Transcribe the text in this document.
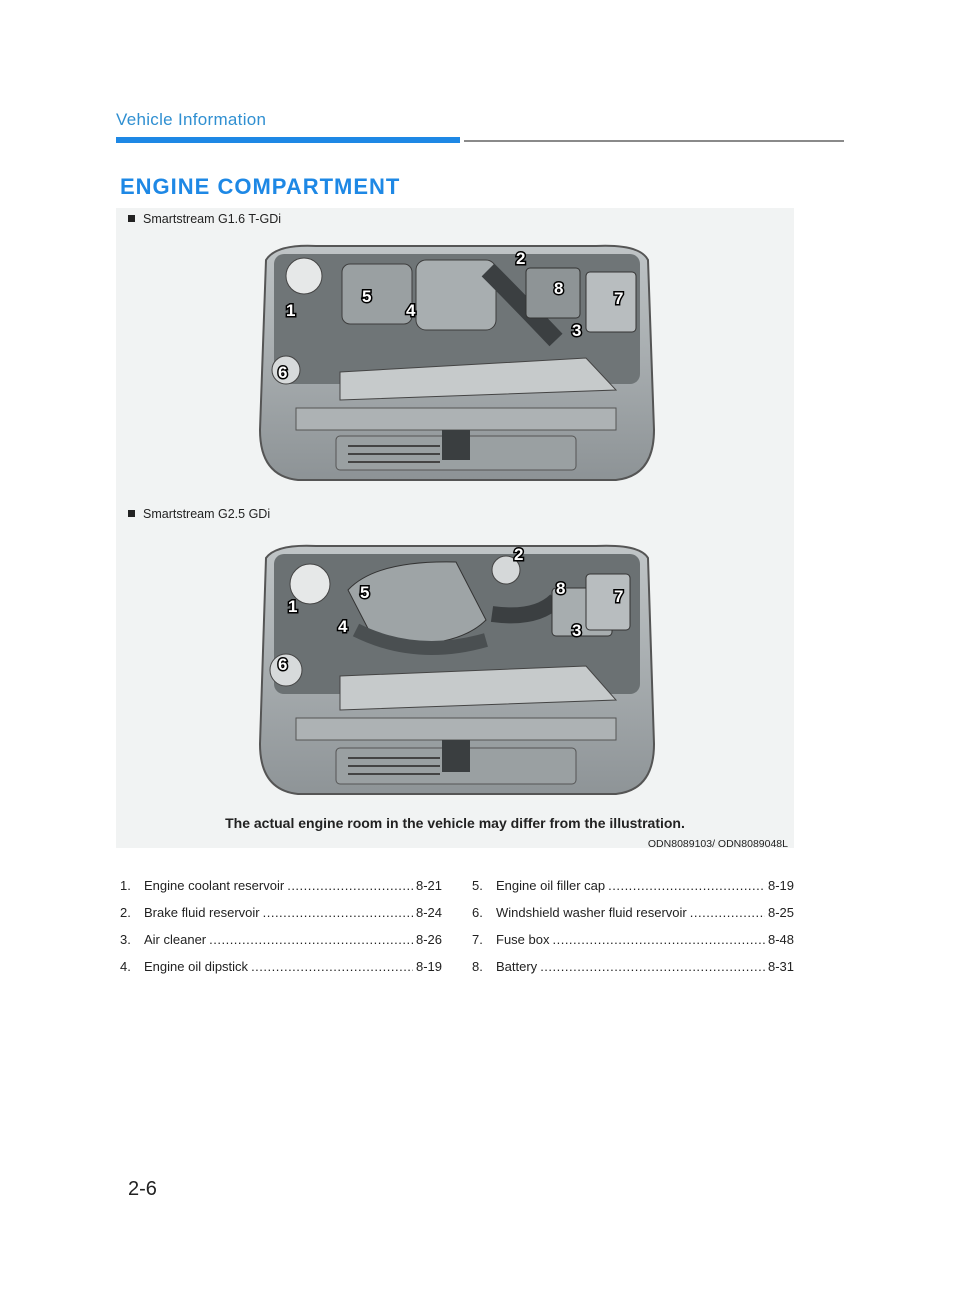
Vehicle Information
ENGINE COMPARTMENT
Smartstream G1.6 T-GDi
1
2
3
4
5
6
7
8
Smartstream G2.5 GDi
1
2
3
4
5
6
7
8
The actual engine room in the vehicle may differ from the illustration.
ODN8089103/ ODN8089048L
1.	Engine coolant reservoir .....	8-21
2.	Brake fluid reservoir .....	8-24
3.	Air cleaner .....	8-26
4.	Engine oil dipstick .....	8-19
5.	Engine oil filler cap .....	8-19
6.	Windshield washer fluid reservoir .....	8-25
7.	Fuse box .....	8-48
8.	Battery .....	8-31
2-6
